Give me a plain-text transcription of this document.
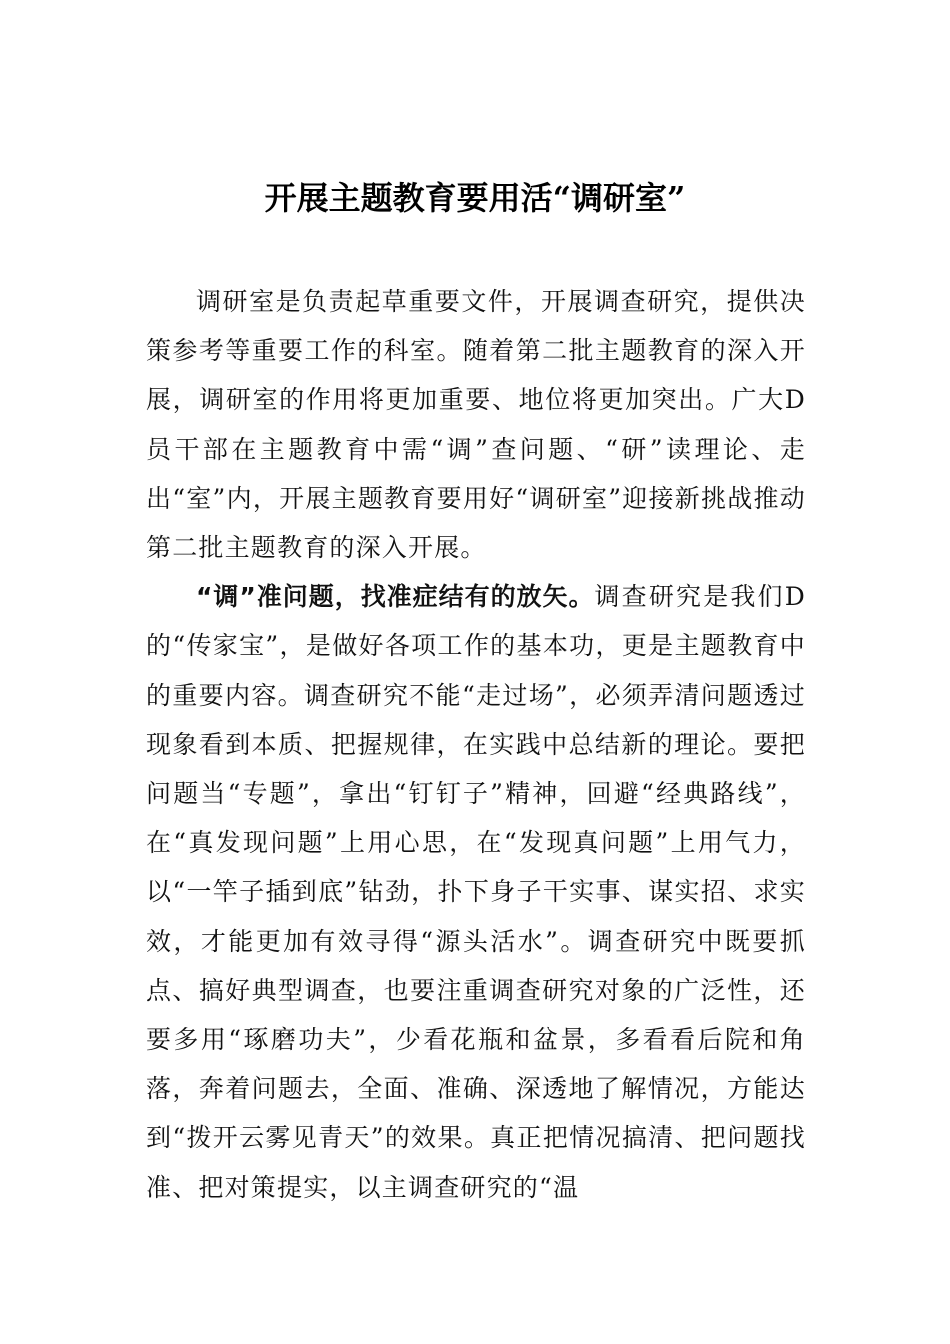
开展主题教育要用活“调研室”

调研室是负责起草重要文件，开展调查研究，提供决策参考等重要工作的科室。随着第二批主题教育的深入开展，调研室的作用将更加重要、地位将更加突出。广大D员干部在主题教育中需“调”查问题、“研”读理论、走出“室”内，开展主题教育要用好“调研室”迎接新挑战推动第二批主题教育的深入开展。

“调”准问题，找准症结有的放矢。调查研究是我们D的“传家宝”，是做好各项工作的基本功，更是主题教育中的重要内容。调查研究不能“走过场”，必须弄清问题透过现象看到本质、把握规律，在实践中总结新的理论。要把问题当“专题”，拿出“钉钉子”精神，回避“经典路线”，在“真发现问题”上用心思，在“发现真问题”上用气力，以“一竿子插到底”钻劲，扑下身子干实事、谋实招、求实效，才能更加有效寻得“源头活水”。调查研究中既要抓点、搞好典型调查，也要注重调查研究对象的广泛性，还要多用“琢磨功夫”，少看花瓶和盆景，多看看后院和角落，奔着问题去，全面、准确、深透地了解情况，方能达到“拨开云雾见青天”的效果。真正把情况搞清、把问题找准、把对策提实，以主调查研究的“温
